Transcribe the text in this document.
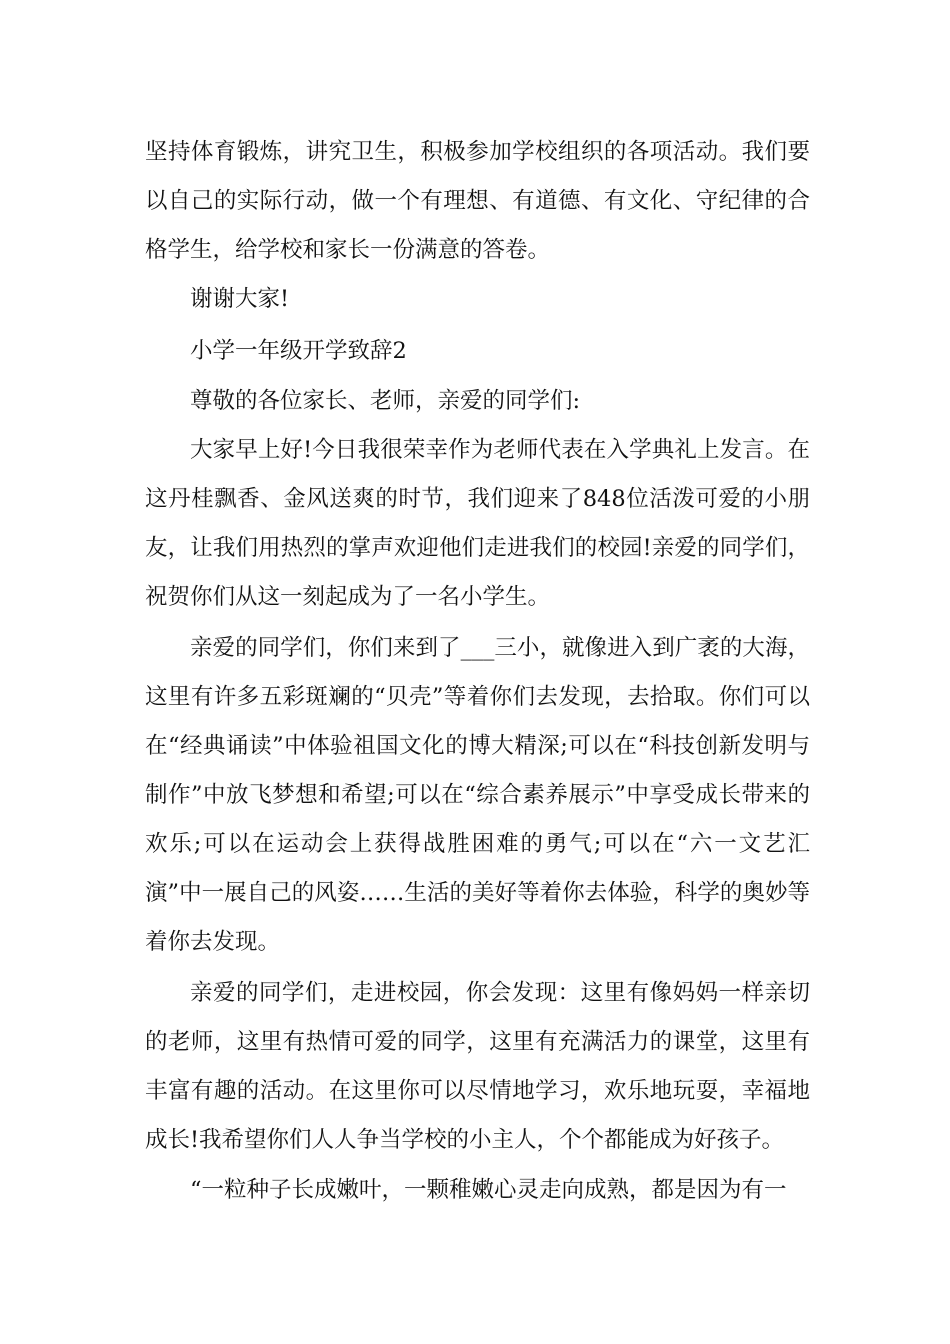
坚持体育锻炼，讲究卫生，积极参加学校组织的各项活动。我们要以自己的实际行动，做一个有理想、有道德、有文化、守纪律的合格学生，给学校和家长一份满意的答卷。

谢谢大家!

小学一年级开学致辞2

尊敬的各位家长、老师，亲爱的同学们:

大家早上好!今日我很荣幸作为老师代表在入学典礼上发言。在这丹桂飘香、金风送爽的时节，我们迎来了848位活泼可爱的小朋友，让我们用热烈的掌声欢迎他们走进我们的校园!亲爱的同学们，祝贺你们从这一刻起成为了一名小学生。

亲爱的同学们，你们来到了___三小，就像进入到广袤的大海，这里有许多五彩斑斓的“贝壳”等着你们去发现，去拾取。你们可以在“经典诵读”中体验祖国文化的博大精深;可以在“科技创新发明与制作”中放飞梦想和希望;可以在“综合素养展示”中享受成长带来的欢乐;可以在运动会上获得战胜困难的勇气;可以在“六一文艺汇演”中一展自己的风姿……生活的美好等着你去体验，科学的奥妙等着你去发现。

亲爱的同学们，走进校园，你会发现：这里有像妈妈一样亲切的老师，这里有热情可爱的同学，这里有充满活力的课堂，这里有丰富有趣的活动。在这里你可以尽情地学习，欢乐地玩耍，幸福地成长!我希望你们人人争当学校的小主人，个个都能成为好孩子。

“一粒种子长成嫩叶，一颗稚嫩心灵走向成熟，都是因为有一
